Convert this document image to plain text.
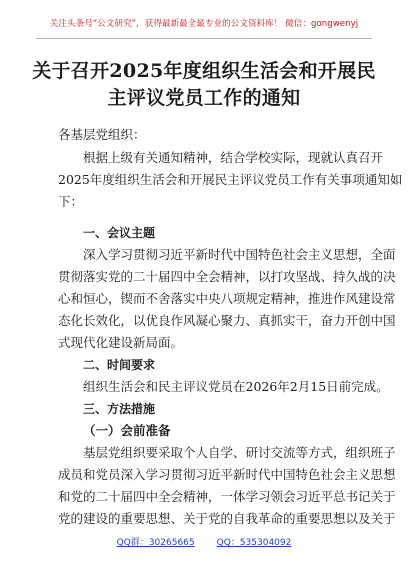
关注头条号“公文研究”，获得最新最全最专业的公文资料库！ 微信：gongwenyj
关于召开2025年度组织生活会和开展民
主评议党员工作的通知
各基层党组织：
根据上级有关通知精神，结合学校实际，现就认真召开
2025年度组织生活会和开展民主评议党员工作有关事项通知如
下：
一、会议主题
深入学习贯彻习近平新时代中国特色社会主义思想，全面
贯彻落实党的二十届四中全会精神，以打攻坚战、持久战的决
心和恒心，锲而不舍落实中央八项规定精神，推进作风建设常
态化长效化，以优良作风凝心聚力、真抓实干，奋力开创中国
式现代化建设新局面。
二、时间要求
组织生活会和民主评议党员在2026年2月15日前完成。
三、方法措施
（一）会前准备
基层党组织要采取个人自学、研讨交流等方式，组织班子
成员和党员深入学习贯彻习近平新时代中国特色社会主义思想
和党的二十届四中全会精神，一体学习领会习近平总书记关于
党的建设的重要思想、关于党的自我革命的重要思想以及关于
QQ群：30265665 QQ：535304092
